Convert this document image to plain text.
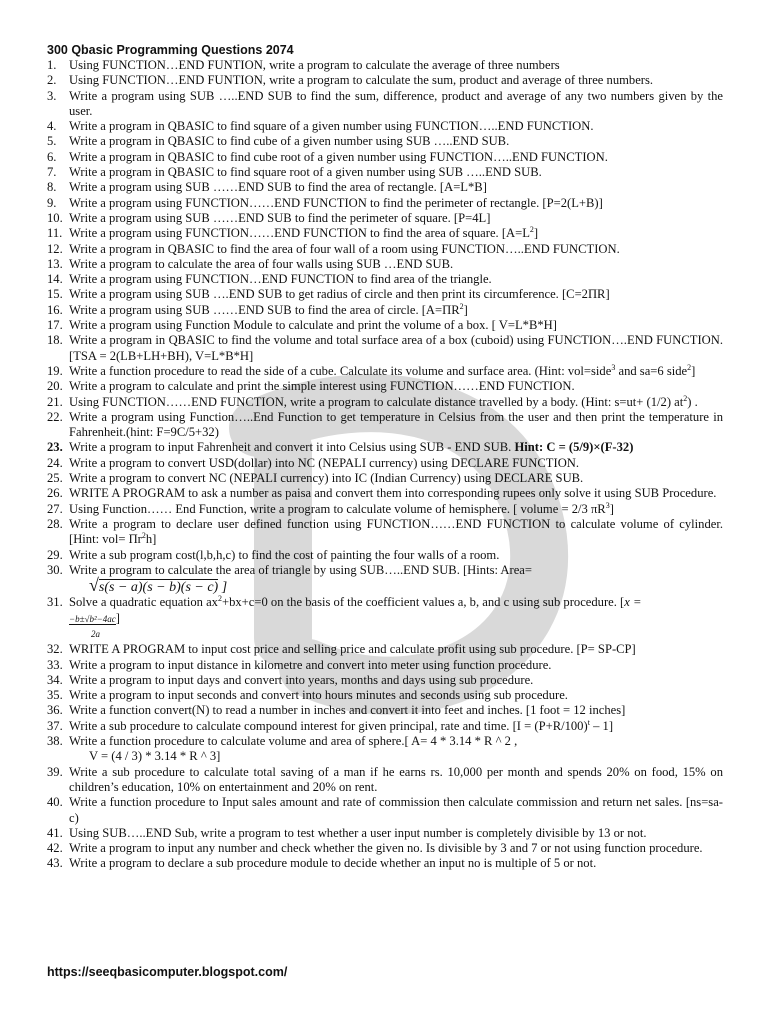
300 Qbasic Programming Questions 2074

1. Using FUNCTION…END FUNTION, write a program to calculate the average of three numbers
2. Using FUNCTION…END FUNTION, write a program to calculate the sum, product and average of three numbers.
3. Write a program using SUB …..END SUB to find the sum, difference, product and average of any two numbers given by the user.
4. Write a program in QBASIC to find square of a given number using FUNCTION…..END FUNCTION.
5. Write a program in QBASIC to find cube of a given number using SUB …..END SUB.
6. Write a program in QBASIC to find cube root of a given number using FUNCTION…..END FUNCTION.
7. Write a program in QBASIC to find square root of a given number using SUB …..END SUB.
8. Write a program using SUB ……END SUB to find the area of rectangle. [A=L*B]
9. Write a program using FUNCTION……END FUNCTION to find the perimeter of rectangle. [P=2(L+B)]
10. Write a program using SUB ……END SUB to find the perimeter of square. [P=4L]
11. Write a program using FUNCTION……END FUNCTION to find the area of square. $[A=L^2]$
12. Write a program in QBASIC to find the area of four wall of a room using FUNCTION…..END FUNCTION.
13. Write a program to calculate the area of four walls using SUB …END SUB.
14. Write a program using FUNCTION…END FUNCTION to find area of the triangle.
15. Write a program using SUB ….END SUB to get radius of circle and then print its circumference. [C=2ΠR]
16. Write a program using SUB ……END SUB to find the area of circle. $[A=\Pi R^2]$
17. Write a program using Function Module to calculate and print the volume of a box. [ V=L*B*H]
18. Write a program in QBASIC to find the volume and total surface area of a box (cuboid) using FUNCTION….END FUNCTION. [TSA = 2(LB+LH+BH), V=L*B*H]
19. Write a function procedure to read the side of a cube. Calculate its volume and surface area. (Hint: vol=side$^3$ and sa=6 side$^2$]
20. Write a program to calculate and print the simple interest using FUNCTION……END FUNCTION.
21. Using FUNCTION……END FUNCTION, write a program to calculate distance travelled by a body. (Hint: s=ut+ (1/2) $at^2$) .
22. Write a program using Function…..End Function to get temperature in Celsius from the user and then print the temperature in Fahrenheit.(hint: F=9C/5+32)
23. Write a program to input Fahrenheit and convert it into Celsius using SUB - END SUB. Hint: C = (5/9)×(F-32)
24. Write a program to convert USD(dollar) into NC (NEPALI currency) using DECLARE FUNCTION.
25. Write a program to convert NC (NEPALI currency) into IC (Indian Currency) using DECLARE SUB.
26. WRITE A PROGRAM to ask a number as paisa and convert them into corresponding rupees only solve it using SUB Procedure.
27. Using Function…… End Function, write a program to calculate volume of hemisphere. [ volume = 2/3 $\pi R^3$]
28. Write a program to declare user defined function using FUNCTION……END FUNCTION to calculate volume of cylinder. [Hint: $vol= \Pi r^2h$]
29. Write a sub program cost(l,b,h,c) to find the cost of painting the four walls of a room.
30. Write a program to calculate the area of triangle by using SUB…..END SUB. [Hints: Area=
√s(s − a)(s − b)(s − c) ]
31. Solve a quadratic equation $ax^2+bx+c=0$ on the basis of the coefficient values a, b, and c using sub procedure. [x =
−b±√b²−4ac]
2a
32. WRITE A PROGRAM to input cost price and selling price and calculate profit using sub procedure. [P= SP-CP]
33. Write a program to input distance in kilometre and convert into meter using function procedure.
34. Write a program to input days and convert into years, months and days using sub procedure.
35. Write a program to input seconds and convert into hours minutes and seconds using sub procedure.
36. Write a function convert(N) to read a number in inches and convert it into feet and inches. [1 foot = 12 inches]
37. Write a sub procedure to calculate compound interest for given principal, rate and time. $[I = (P+R/100)^t - 1]$
38. Write a function procedure to calculate volume and area of sphere.[ A= 4 * 3.14 * R ^ 2 ,
V = (4 / 3) * 3.14 * R ^ 3]
39. Write a sub procedure to calculate total saving of a man if he earns rs. 10,000 per month and spends 20% on food, 15% on children’s education, 10% on entertainment and 20% on rent.
40. Write a function procedure to Input sales amount and rate of commission then calculate commission and return net sales. [ns=sa-c)
41. Using SUB…..END Sub, write a program to test whether a user input number is completely divisible by 13 or not.
42. Write a program to input any number and check whether the given no. Is divisible by 3 and 7 or not using function procedure.
43. Write a program to declare a sub procedure module to decide whether an input no is multiple of 5 or not.
https://seeqbasicomputer.blogspot.com/
